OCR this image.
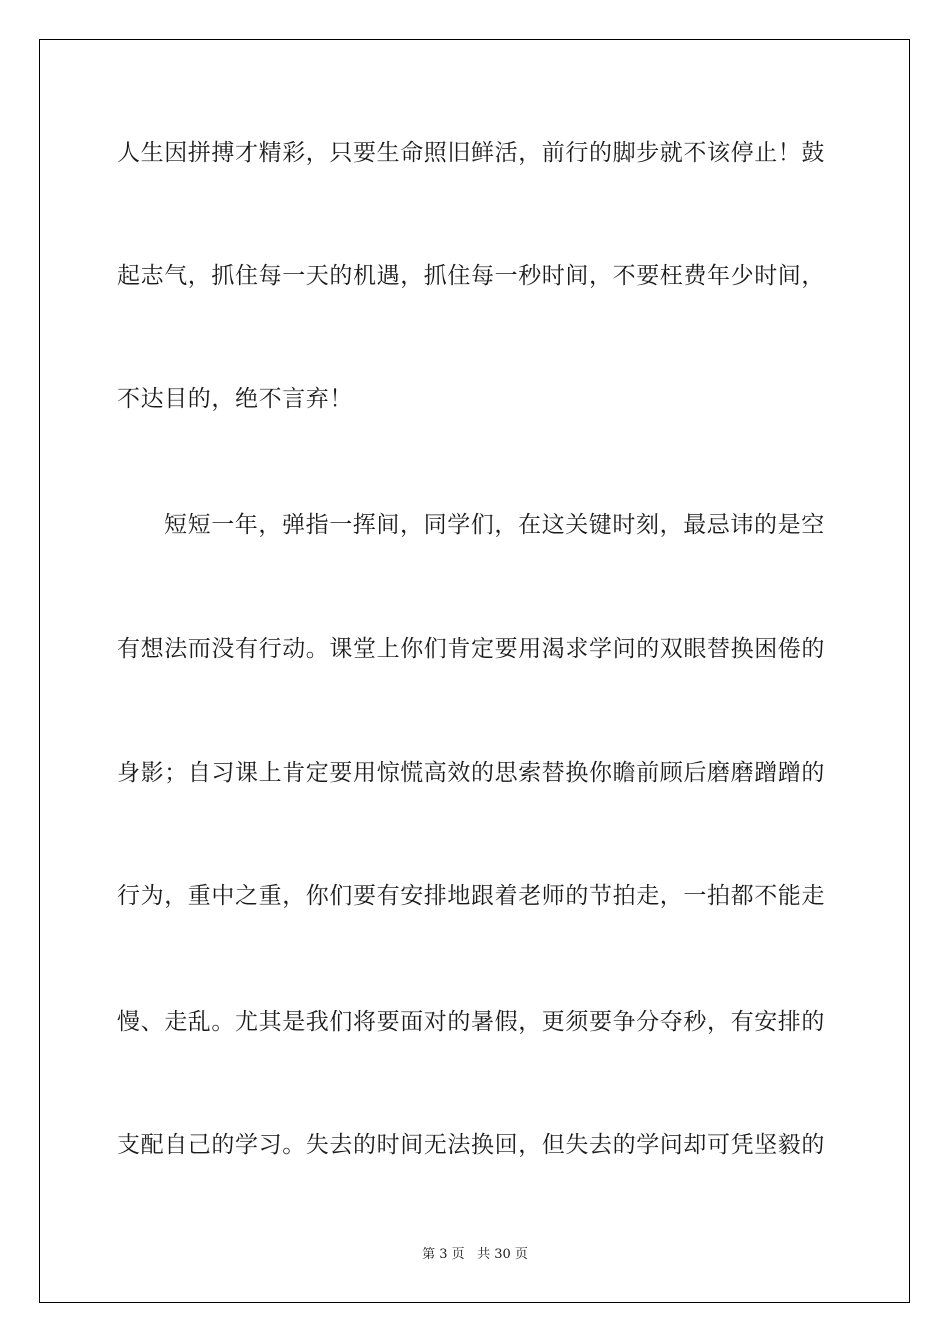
人生因拼搏才精彩，只要生命照旧鲜活，前行的脚步就不该停止！鼓
起志气，抓住每一天的机遇，抓住每一秒时间，不要枉费年少时间，
不达目的，绝不言弃！
短短一年，弹指一挥间，同学们，在这关键时刻，最忌讳的是空
有想法而没有行动。课堂上你们肯定要用渴求学问的双眼替换困倦的
身影；自习课上肯定要用惊慌高效的思索替换你瞻前顾后磨磨蹭蹭的
行为，重中之重，你们要有安排地跟着老师的节拍走，一拍都不能走
慢、走乱。尤其是我们将要面对的暑假，更须要争分夺秒，有安排的
支配自己的学习。失去的时间无法换回，但失去的学问却可凭坚毅的
第 3 页 共 30 页
